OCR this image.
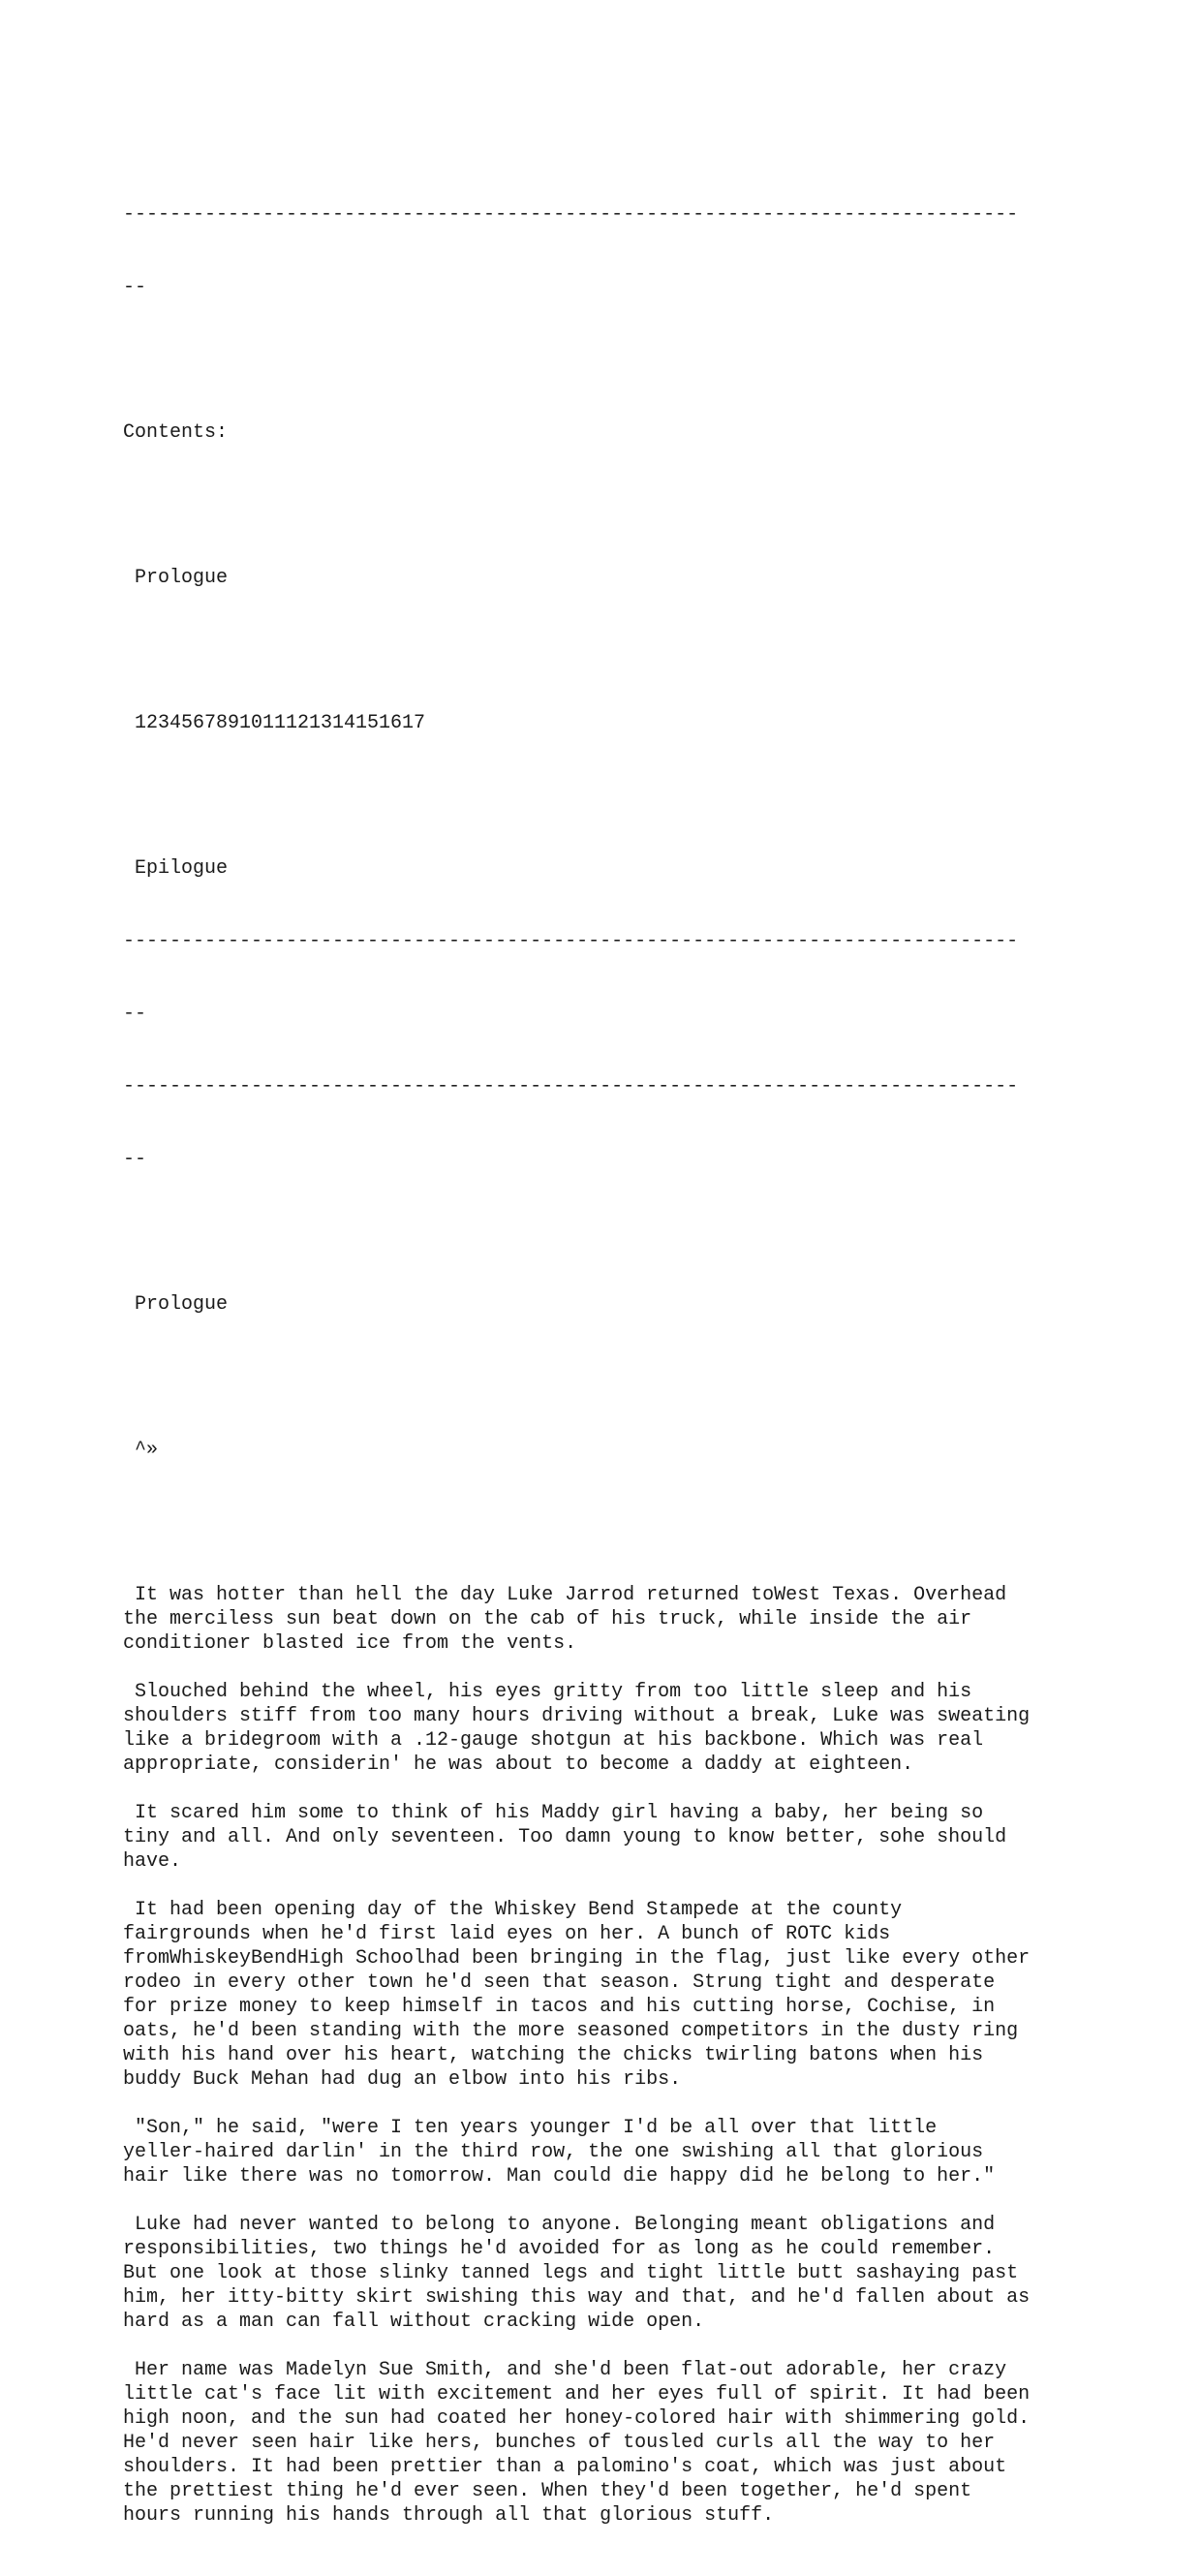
-----------------------------------------------------------------------------

--

Contents:

Prologue

1234567891011121314151617

Epilogue

-----------------------------------------------------------------------------

--

-----------------------------------------------------------------------------

--

Prologue

^»

It was hotter than hell the day Luke Jarrod returned toWest Texas. Overhead
the merciless sun beat down on the cab of his truck, while inside the air
conditioner blasted ice from the vents.
Slouched behind the wheel, his eyes gritty from too little sleep and his
shoulders stiff from too many hours driving without a break, Luke was sweating
like a bridegroom with a .12-gauge shotgun at his backbone. Which was real
appropriate, considerin' he was about to become a daddy at eighteen.
It scared him some to think of his Maddy girl having a baby, her being so
tiny and all. And only seventeen. Too damn young to know better, sohe should
have.
It had been opening day of the Whiskey Bend Stampede at the county
fairgrounds when he'd first laid eyes on her. A bunch of ROTC kids
fromWhiskeyBendHigh Schoolhad been bringing in the flag, just like every other
rodeo in every other town he'd seen that season. Strung tight and desperate
for prize money to keep himself in tacos and his cutting horse, Cochise, in
oats, he'd been standing with the more seasoned competitors in the dusty ring
with his hand over his heart, watching the chicks twirling batons when his
buddy Buck Mehan had dug an elbow into his ribs.
"Son," he said, "were I ten years younger I'd be all over that little
yeller-haired darlin' in the third row, the one swishing all that glorious
hair like there was no tomorrow. Man could die happy did he belong to her."
Luke had never wanted to belong to anyone. Belonging meant obligations and
responsibilities, two things he'd avoided for as long as he could remember.
But one look at those slinky tanned legs and tight little butt sashaying past
him, her itty-bitty skirt swishing this way and that, and he'd fallen about as
hard as a man can fall without cracking wide open.
Her name was Madelyn Sue Smith, and she'd been flat-out adorable, her crazy
little cat's face lit with excitement and her eyes full of spirit. It had been
high noon, and the sun had coated her honey-colored hair with shimmering gold.
He'd never seen hair like hers, bunches of tousled curls all the way to her
shoulders. It had been prettier than a palomino's coat, which was just about
the prettiest thing he'd ever seen. When they'd been together, he'd spent
hours running his hands through all that glorious stuff.
